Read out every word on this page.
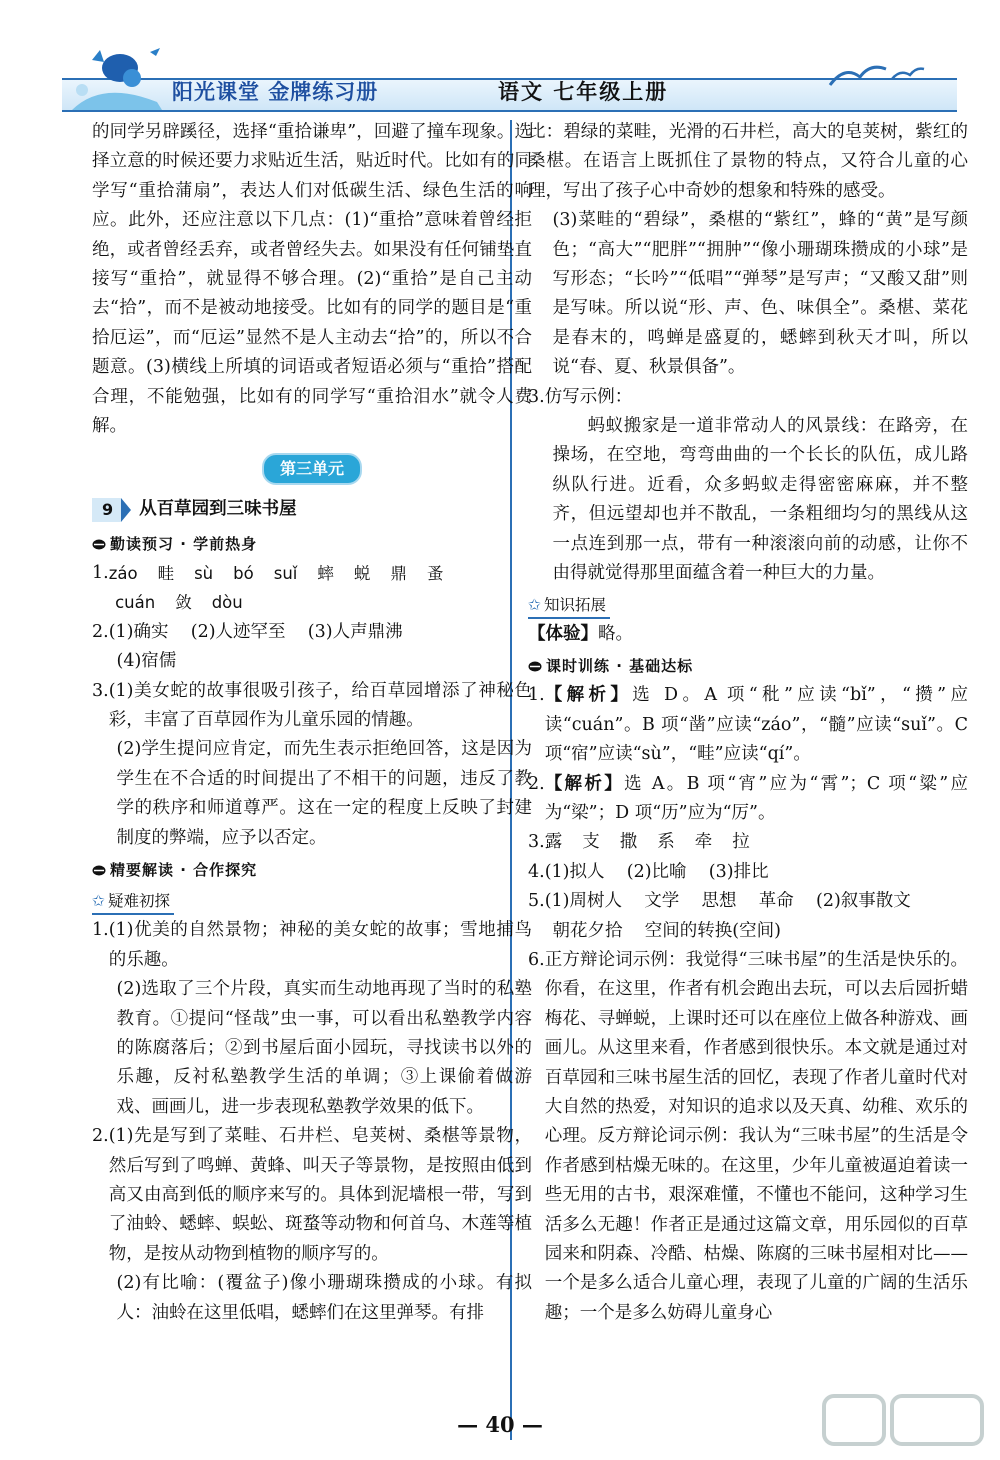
阳光课堂 金牌练习册	语文 七年级上册

的同学另辟蹊径，选择“重拾谦卑”，回避了撞车现象。选择立意的时候还要力求贴近生活，贴近时代。比如有的同学写“重拾蒲扇”，表达人们对低碳生活、绿色生活的响应。此外，还应注意以下几点：(1)“重拾”意味着曾经拒绝，或者曾经丢弃，或者曾经失去。如果没有任何铺垫直接写“重拾”，就显得不够合理。(2)“重拾”是自己主动去“拾”，而不是被动地接受。比如有的同学的题目是“重拾厄运”，而“厄运”显然不是人主动去“拾”的，所以不合题意。(3)横线上所填的词语或者短语必须与“重拾”搭配合理，不能勉强，比如有的同学写“重拾泪水”就令人费解。

第三单元
9	从百草园到三味书屋
勤读预习 · 学前热身
1. záo 畦 sù bó suǐ 蟀 蜕 鼎 蚤

cuán 敛 dòu

2. (1)确实    (2)人迹罕至    (3)人声鼎沸

(4)宿儒

3. (1)美女蛇的故事很吸引孩子，给百草园增添了神秘色彩，丰富了百草园作为儿童乐园的情趣。

(2)学生提问应肯定，而先生表示拒绝回答，这是因为学生在不合适的时间提出了不相干的问题，违反了教学的秩序和师道尊严。这在一定的程度上反映了封建制度的弊端，应予以否定。

精要解读 · 合作探究
✩ 疑难初探
1. (1)优美的自然景物；神秘的美女蛇的故事；雪地捕鸟的乐趣。

(2)选取了三个片段，真实而生动地再现了当时的私塾教育。①提问“怪哉”虫一事，可以看出私塾教学内容的陈腐落后；②到书屋后面小园玩，寻找读书以外的乐趣，反衬私塾教学生活的单调；③上课偷着做游戏、画画儿，进一步表现私塾教学效果的低下。

2. (1)先是写到了菜畦、石井栏、皂荚树、桑椹等景物，然后写到了鸣蝉、黄蜂、叫天子等景物，是按照由低到高又由高到低的顺序来写的。具体到泥墙根一带，写到了油蛉、蟋蟀、蜈蚣、斑蝥等动物和何首乌、木莲等植物，是按从动物到植物的顺序写的。

(2)有比喻：(覆盆子)像小珊瑚珠攒成的小球。有拟人：油蛉在这里低唱，蟋蟀们在这里弹琴。有排

比：碧绿的菜畦，光滑的石井栏，高大的皂荚树，紫红的桑椹。在语言上既抓住了景物的特点，又符合儿童的心理，写出了孩子心中奇妙的想象和特殊的感受。

(3)菜畦的“碧绿”，桑椹的“紫红”，蜂的“黄”是写颜色；“高大”“肥胖”“拥肿”“像小珊瑚珠攒成的小球”是写形态；“长吟”“低唱”“弹琴”是写声；“又酸又甜”则是写味。所以说“形、声、色、味俱全”。桑椹、菜花是春末的，鸣蝉是盛夏的，蟋蟀到秋天才叫，所以说“春、夏、秋景俱备”。

3. 仿写示例：

蚂蚁搬家是一道非常动人的风景线：在路旁，在操场，在空地，弯弯曲曲的一个长长的队伍，成儿路纵队行进。近看，众多蚂蚁走得密密麻麻，并不整齐，但远望却也并不散乱，一条粗细均匀的黑线从这一点连到那一点，带有一种滚滚向前的动感，让你不由得就觉得那里面蕴含着一种巨大的力量。

✩ 知识拓展

【体验】略。

课时训练 · 基础达标
1. 【解析】选 D。A 项“秕”应读“bǐ”，“攒”应读“cuán”。B 项“凿”应读“záo”，“髓”应读“suǐ”。C 项“宿”应读“sù”，“畦”应读“qí”。
2. 【解析】选 A。B 项“宵”应为“霄”；C 项“粱”应为“梁”；D 项“历”应为“厉”。
3. 露 支 撒 系 牵 拉
4. (1)拟人    (2)比喻    (3)排比
5. (1)周树人    文学    思想    革命    (2)叙事散文

朝花夕拾    空间的转换(空间)

6. 正方辩论词示例：我觉得“三味书屋”的生活是快乐的。你看，在这里，作者有机会跑出去玩，可以去后园折蜡梅花、寻蝉蜕，上课时还可以在座位上做各种游戏、画画儿。从这里来看，作者感到很快乐。本文就是通过对百草园和三味书屋生活的回忆，表现了作者儿童时代对大自然的热爱，对知识的追求以及天真、幼稚、欢乐的心理。反方辩论词示例：我认为“三味书屋”的生活是令作者感到枯燥无味的。在这里，少年儿童被逼迫着读一些无用的古书，艰深难懂，不懂也不能问，这种学习生活多么无趣！作者正是通过这篇文章，用乐园似的百草园来和阴森、冷酷、枯燥、陈腐的三味书屋相对比——一个是多么适合儿童心理，表现了儿童的广阔的生活乐趣；一个是多么妨碍儿童身心
— 40 —
